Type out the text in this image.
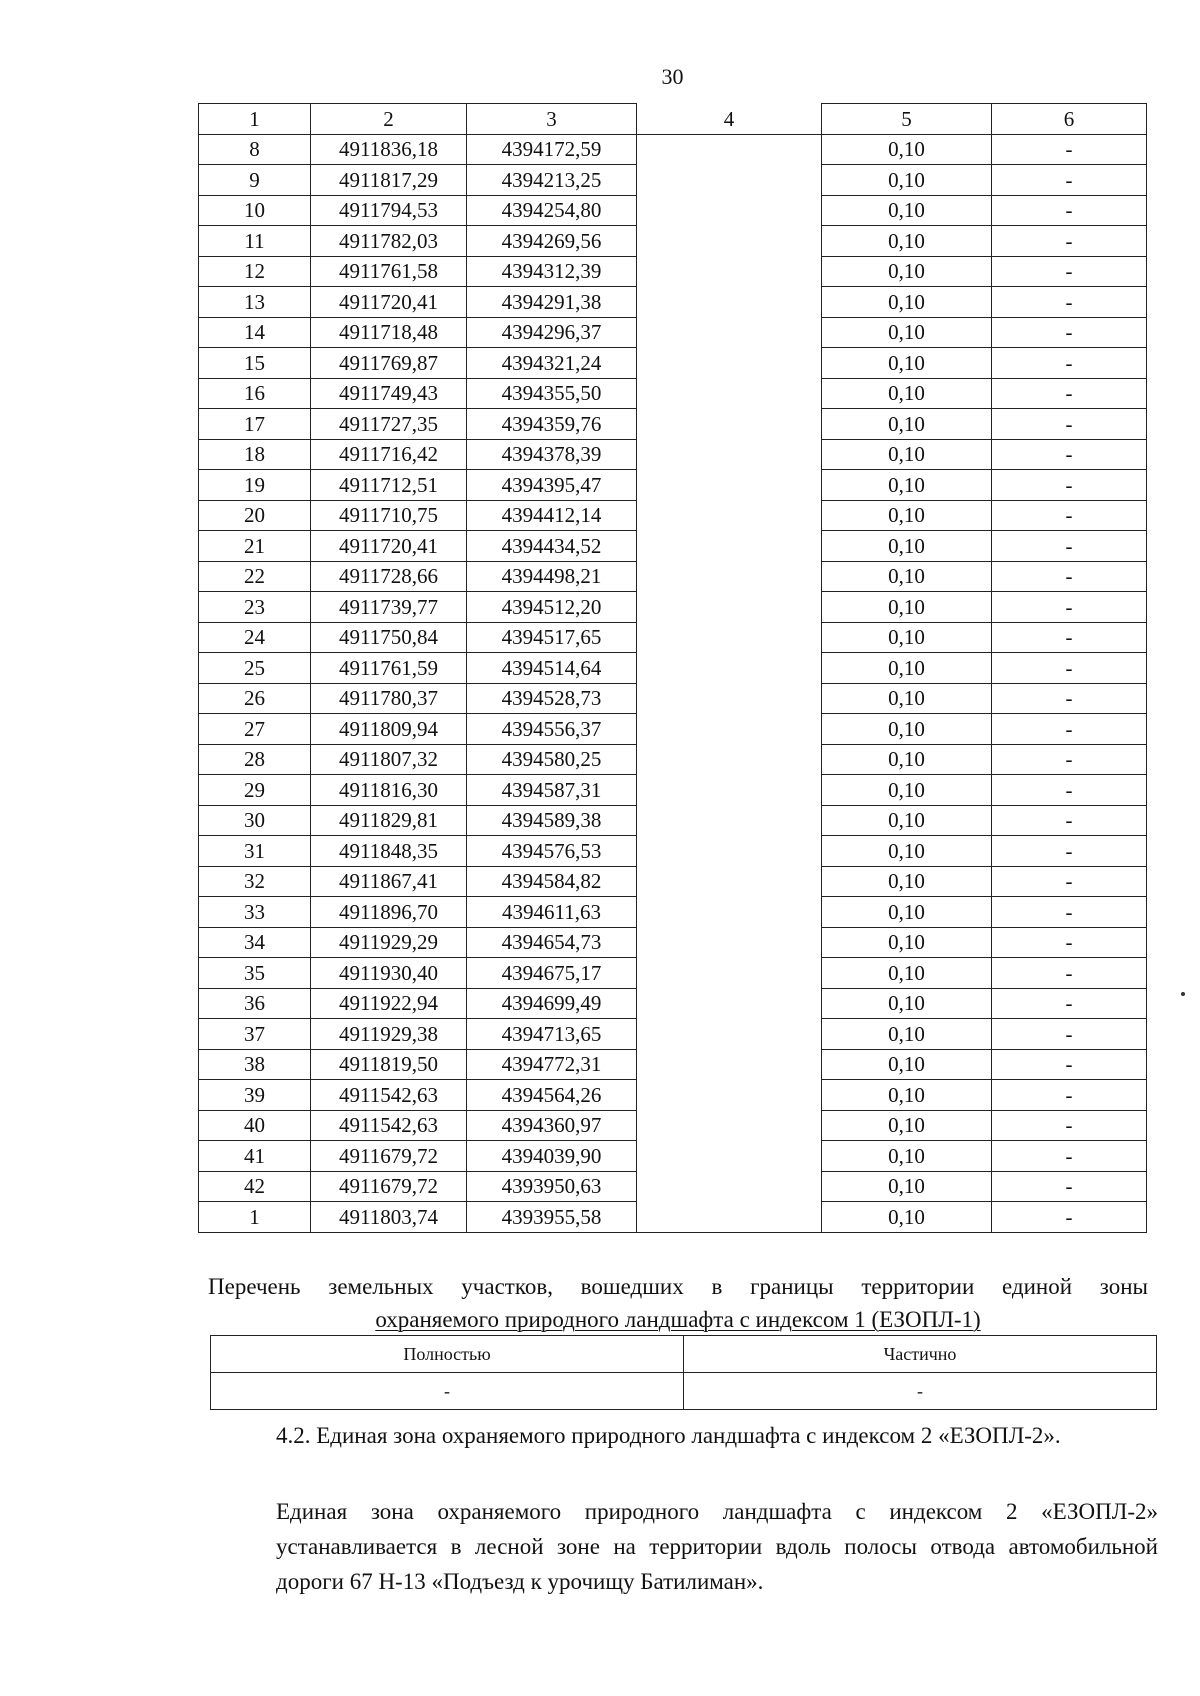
30
1	2	3	4	5	6
8	4911836,18	4394172,59		0,10	-
9	4911817,29	4394213,25		0,10	-
10	4911794,53	4394254,80		0,10	-
11	4911782,03	4394269,56		0,10	-
12	4911761,58	4394312,39		0,10	-
13	4911720,41	4394291,38		0,10	-
14	4911718,48	4394296,37		0,10	-
15	4911769,87	4394321,24		0,10	-
16	4911749,43	4394355,50		0,10	-
17	4911727,35	4394359,76		0,10	-
18	4911716,42	4394378,39		0,10	-
19	4911712,51	4394395,47		0,10	-
20	4911710,75	4394412,14		0,10	-
21	4911720,41	4394434,52		0,10	-
22	4911728,66	4394498,21		0,10	-
23	4911739,77	4394512,20		0,10	-
24	4911750,84	4394517,65		0,10	-
25	4911761,59	4394514,64		0,10	-
26	4911780,37	4394528,73		0,10	-
27	4911809,94	4394556,37		0,10	-
28	4911807,32	4394580,25		0,10	-
29	4911816,30	4394587,31		0,10	-
30	4911829,81	4394589,38		0,10	-
31	4911848,35	4394576,53		0,10	-
32	4911867,41	4394584,82		0,10	-
33	4911896,70	4394611,63		0,10	-
34	4911929,29	4394654,73		0,10	-
35	4911930,40	4394675,17		0,10	-
36	4911922,94	4394699,49		0,10	-
37	4911929,38	4394713,65		0,10	-
38	4911819,50	4394772,31		0,10	-
39	4911542,63	4394564,26		0,10	-
40	4911542,63	4394360,97		0,10	-
41	4911679,72	4394039,90		0,10	-
42	4911679,72	4393950,63		0,10	-
1	4911803,74	4393955,58		0,10	-
Перечень земельных участков, вошедших в границы территории единой зоны
охраняемого природного ландшафта с индексом 1 (ЕЗОПЛ-1)
Полностью	Частично
-	-
4.2. Единая зона охраняемого природного ландшафта с индексом 2 «ЕЗОПЛ-2».
Единая зона охраняемого природного ландшафта с индексом 2 «ЕЗОПЛ-2» устанавливается в лесной зоне на территории вдоль полосы отвода автомобильной дороги 67 Н-13 «Подъезд к урочищу Батилиман».
